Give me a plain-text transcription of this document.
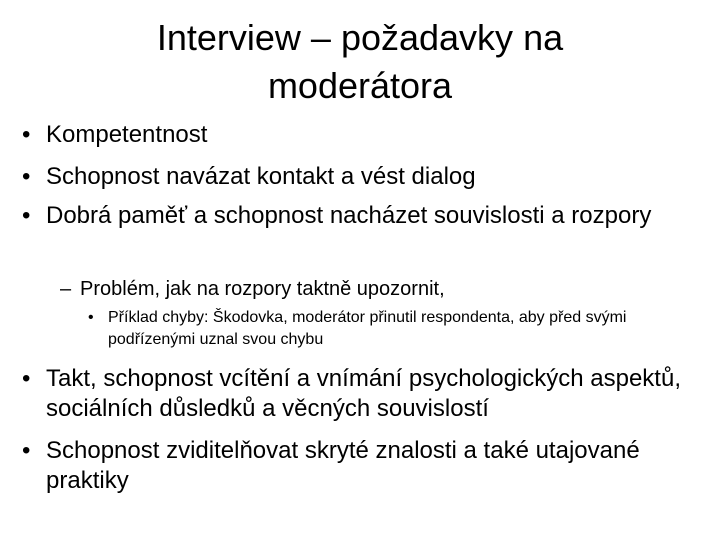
Interview – požadavky na
moderátora
• Kompetentnost
• Schopnost navázat kontakt a vést dialog
• Dobrá paměť a schopnost nacházet souvislosti a rozpory
– Problém, jak na rozpory taktně upozornit,
• Příklad chyby: Škodovka, moderátor přinutil respondenta, aby před svými podřízenými uznal svou chybu
• Takt, schopnost vcítění a vnímání psychologických aspektů, sociálních důsledků a věcných souvislostí
• Schopnost zviditelňovat skryté znalosti a také utajované praktiky
